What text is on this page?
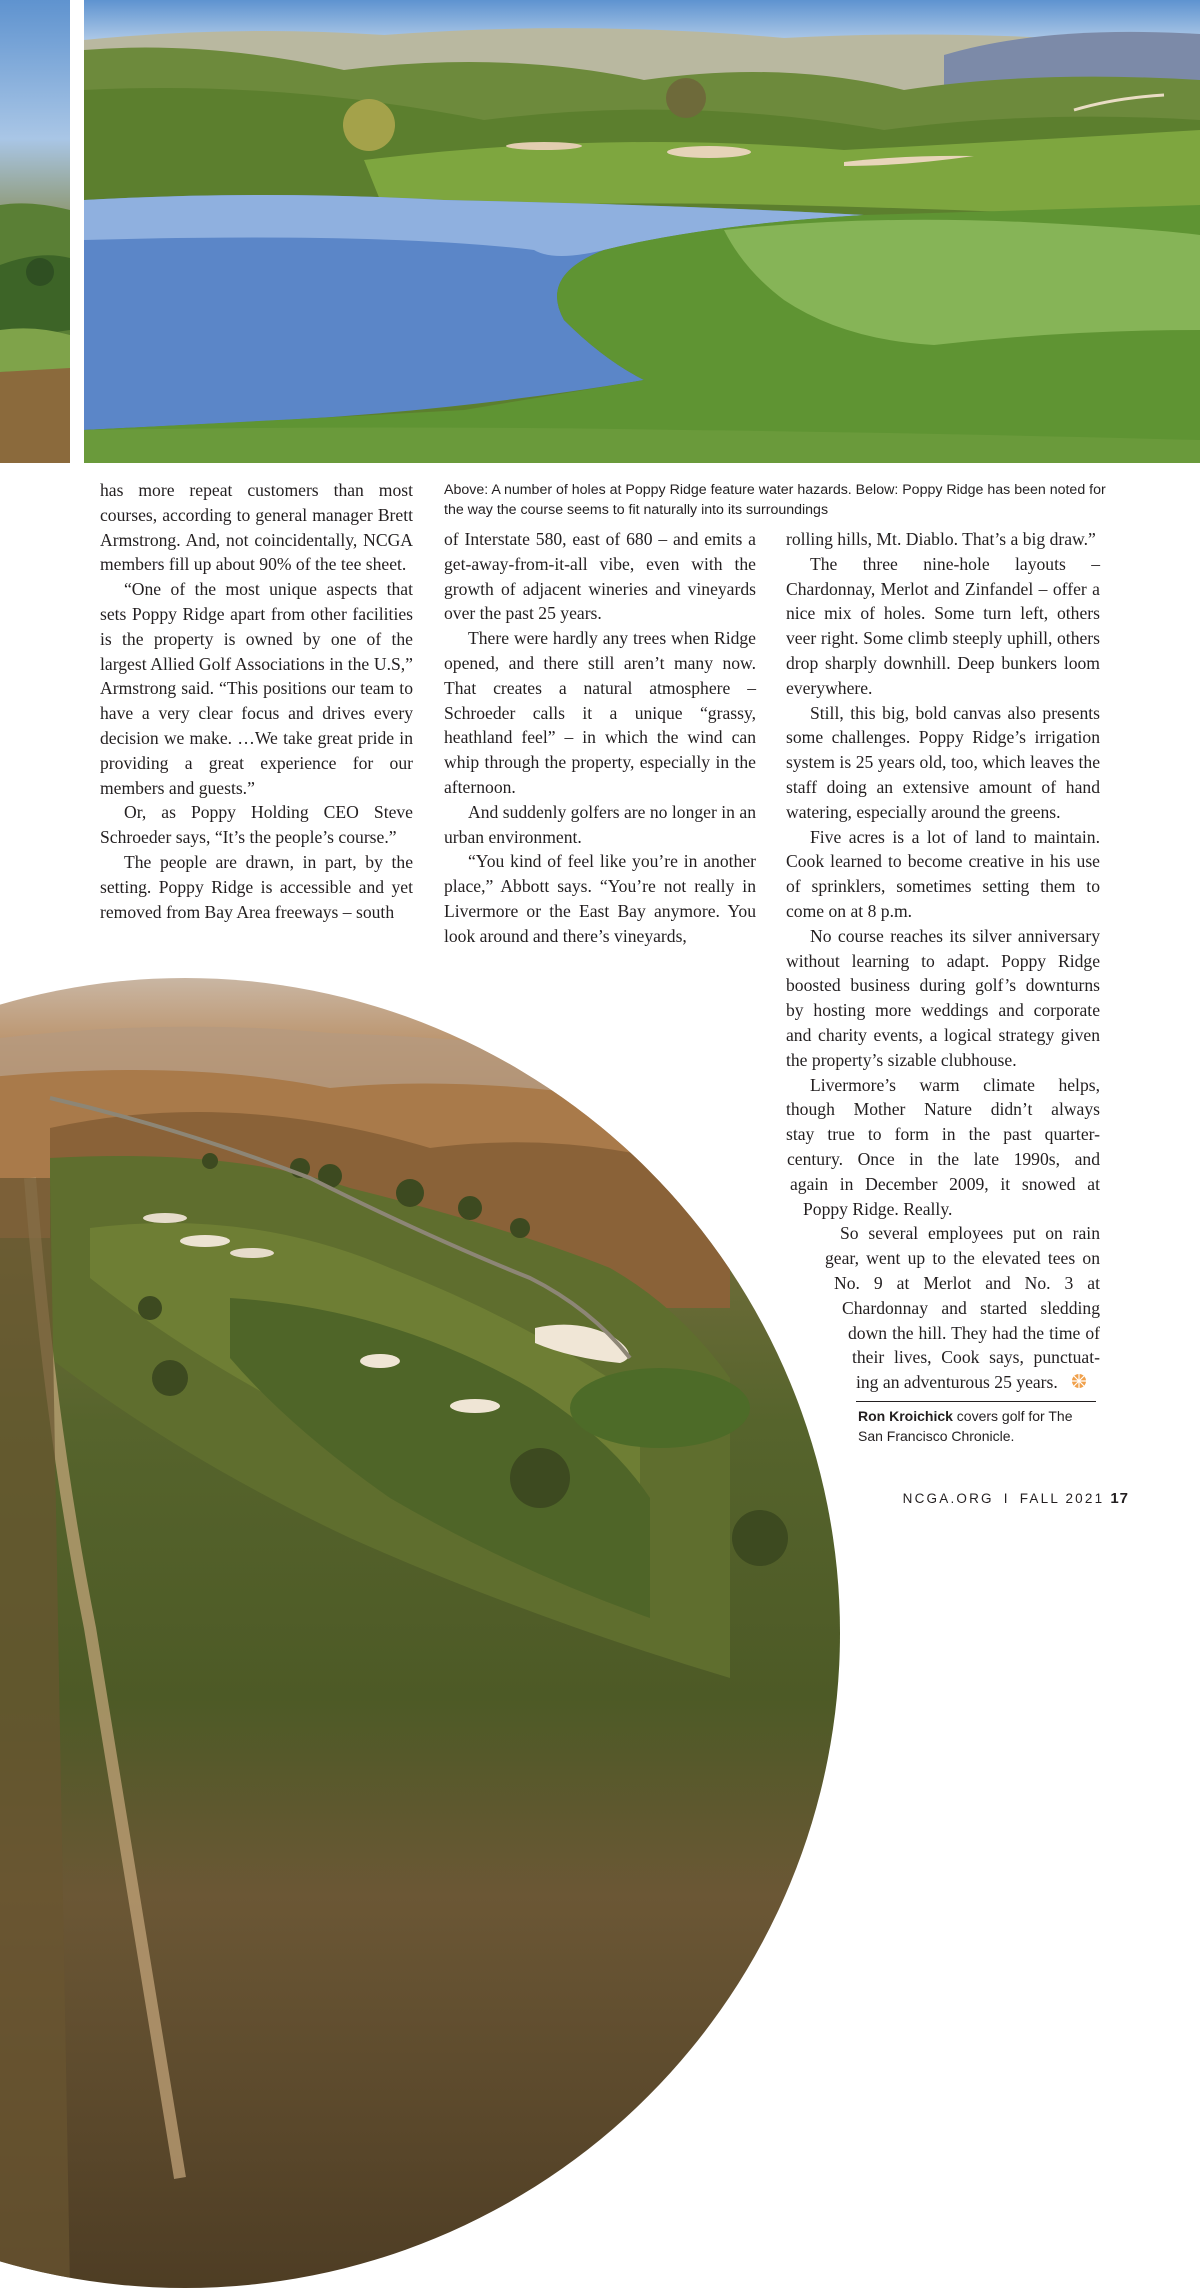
Above: A number of holes at Poppy Ridge feature water hazards. Below: Poppy Ridge has been noted for the way the course seems to fit naturally into its surroundings

has more repeat customers than most courses, according to general manager Brett Armstrong. And, not coincidentally, NCGA members fill up about 90% of the tee sheet.

“One of the most unique aspects that sets Poppy Ridge apart from other facilities is the property is owned by one of the largest Allied Golf Associations in the U.S,” Armstrong said. “This positions our team to have a very clear focus and drives every decision we make. …We take great pride in providing a great experience for our members and guests.”

Or, as Poppy Holding CEO Steve Schroeder says, “It’s the people’s course.”

The people are drawn, in part, by the setting. Poppy Ridge is accessible and yet removed from Bay Area freeways – south

of Interstate 580, east of 680 – and emits a get-away-from-it-all vibe, even with the growth of adjacent wineries and vineyards over the past 25 years.

There were hardly any trees when Ridge opened, and there still aren’t many now. That creates a natural atmosphere – Schroeder calls it a unique “grassy, heathland feel” – in which the wind can whip through the property, especially in the afternoon.

And suddenly golfers are no longer in an urban environment.

“You kind of feel like you’re in another place,” Abbott says. “You’re not really in Livermore or the East Bay anymore. You look around and there’s vineyards,

rolling hills, Mt. Diablo. That’s a big draw.”

The three nine-hole layouts – Chardonnay, Merlot and Zinfandel – offer a nice mix of holes. Some turn left, others veer right. Some climb steeply uphill, others drop sharply downhill. Deep bunkers loom everywhere.

Still, this big, bold canvas also presents some challenges. Poppy Ridge’s irrigation system is 25 years old, too, which leaves the staff doing an extensive amount of hand watering, especially around the greens.

Five acres is a lot of land to maintain. Cook learned to become creative in his use of sprinklers, sometimes setting them to come on at 8 p.m.

No course reaches its silver anniversary without learning to adapt. Poppy Ridge boosted business during golf’s downturns by hosting more weddings and corporate and charity events, a logical strategy given the property’s sizable clubhouse.

Livermore’s warm climate helps,
though Mother Nature didn’t always
stay true to form in the past quarter-
century. Once in the late 1990s, and
again in December 2009, it snowed at
Poppy Ridge. Really.
So several employees put on rain
gear, went up to the elevated tees on
No. 9 at Merlot and No. 3 at
Chardonnay and started sledding
down the hill. They had the time of
their lives, Cook says, punctuat-
ing an adventurous 25 years.
Ron Kroichick covers golf for The San Francisco Chronicle.
NCGA.ORG I FALL 2021 17
